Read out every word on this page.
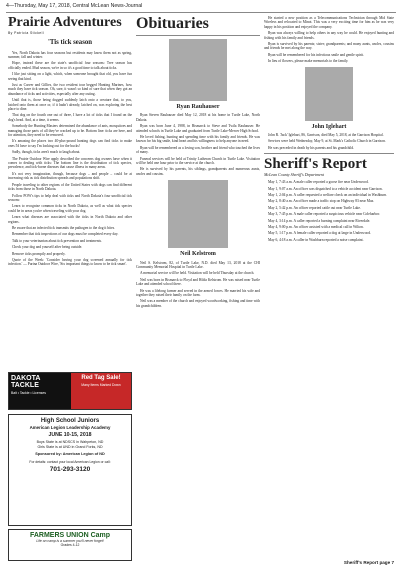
4—Thursday, May 17, 2018, Central McLean News-Journal
Prairie Adventures
By Patricia Stickell
'Tis tick season
Yes, North Dakota has four seasons but residents may know them not as spring, summer, fall and winter.
Hope, instead these are the state's unofficial four seasons: Tree season has officially ended. Mud season, we're in so it's a good time to talk about ticks.
I like just sitting on a light, which, when someone brought that old, you have fun seeing that kind.
Just as Carver and Gillies, the two resident tour begged Hunting Marines, how much they have tick season. Oh, sure, it wasn't so kind of sure that when they got an abundance of ticks and activities, especially after any outing.
Until that is, those being dogged suddenly latch onto a creature that, to you, latched onto them at once or, if it hadn't already, latched on, was exploring the best place to dine.
That dog on the fourth one out of three, I have a lot of ticks that I found on the dog's head. And, at a time, it seems.
Somebody the Hunting Masters determined the abundance of ants, mosquitoes and managing those parts of all they've cracked up to be. Bottom line: ticks are here, and for attention, they need to be removed.
It's amazing the places two 40-plus-pound hunting dogs can find ticks to make ones I'd have to say I'm looking out for the bucks!
Sadly, though, ticks aren't much to laugh about.
The Prairie Outdoor Wire apply described the concerns dog owners have when it comes to dealing with ticks: The bottom line is the distribution of tick species, prevalence, and tick-borne diseases that cause illness in many areas.
It's not very imagination, though, because dogs – and people – could be at increasing risk as tick distribution spreads and populations shift.
People traveling to other regions of the United States with dogs can find different ticks from those in North Dakota.
Follow POW's tips to help deal with ticks and North Dakota's four unofficial tick seasons:
Learn to recognize common ticks in North Dakota, as well as what tick species could be in areas you're when traveling with your dog.
Learn what diseases are associated with the ticks in North Dakota and other regions.
Be aware that an infected tick transmits the pathogen to the dog it bites.
Remember that tick inspections of our dogs must be completed every day.
Talk to your veterinarian about tick prevention and treatments.
Check your dog and yourself after being outside.
Remove ticks promptly and properly.
Quote of the Week: 'Consider having your dog screened annually for tick infection.' — Purina Outdoor Wire, 'Six important things to know to be tick smart'.
DAKOTA TACKLE
Bait • Tackle • Licenses
Red Tag Sale!
Many Items Marked Down
High School Juniors
American Legion Leadership Academy
JUNE 10-15, 2018
Boys State is at NDSCS in Wahpeton, ND
Girls State is at UND in Grand Forks, ND
Sponsored by: American Legion of ND
For details: contact your local American Legion or call:
701-293-3120
FARMERS UNION Camp
Life on camp is a summer you'll never forget!
Grades 4-12
Obituaries
Ryan Rauhauser
Ryan Steven Rauhauser died May 12, 2018 at his home in Turtle Lake, North Dakota.
Ryan was born June 4, 1988, in Bismarck to Steve and Twila Rauhauser. He attended schools in Turtle Lake and graduated from Turtle Lake-Mercer High School.
He loved fishing, hunting and spending time with his family and friends. He was known for his big smile, kind heart and his willingness to help anyone in need.
Ryan will be remembered as a loving son, brother and friend who touched the lives of many.
Funeral services will be held at Trinity Lutheran Church in Turtle Lake. Visitation will be held one hour prior to the service at the church.
He is survived by his parents, his siblings, grandparents and numerous aunts, uncles and cousins.
Neil Kelstrom
Neil S. Kelstrom, 82, of Turtle Lake, N.D. died May 13, 2018 at the CHI Community Memorial Hospital in Turtle Lake.
A memorial service will be held. Visitation will be held Thursday at the church.
Neil was born in Bismarck to Floyd and Hilda Kelstrom. He was raised near Turtle Lake and attended school there.
He was a lifelong farmer and served in the armed forces. He married his wife and together they raised their family on the farm.
Neil was a member of the church and enjoyed woodworking, fishing and time with his grandchildren.
He started a new position as a Telecommunications Technician through Mid State Wireless and relocated to Minot. This was a very exciting time for him as he was very happy in his position and enjoyed the company.
Ryan was always willing to help others in any way he could. He enjoyed hunting and fishing with his family and friends.
Ryan is survived by his parents; sister; grandparents; and many aunts, uncles, cousins and friends he met along the way.
Ryan will be remembered for his infectious smile and gentle spirit.
In lieu of flowers, please make memorials to the family.
John Iglehart
John R. 'Jack' Iglehart, 86, Garrison, died May 5, 2018, at the Garrison Hospital.
Services were held Wednesday, May 9, at St. Mark's Catholic Church in Garrison.
He was preceded in death by his parents and his grandchild.
Sheriff's Report
McLean County Sheriff's Department
May 1, 7:43 a.m. A male caller reported a goose fire near Underwood.
May 1, 9:07 a.m. An officer was dispatched to a vehicle accident near Garrison.
May 1, 2:04 p.m. A caller requested a welfare check on an individual in Washburn.
May 2, 8:40 a.m. An officer made a traffic stop on Highway 83 near Max.
May 2, 5:42 p.m. An officer reported cattle out near Turtle Lake.
May 3, 7:45 p.m. A male caller reported a suspicious vehicle near Coleharbor.
May 4, 3:14 p.m. A caller reported a burning complaint near Riverdale.
May 4, 9:00 p.m. An officer assisted with a medical call in Wilton.
May 5, 1:17 p.m. A female caller reported a dog at large in Underwood.
May 6, 4:18 a.m. A caller in Washburn reported a noise complaint.
Sheriff's Report page 7
